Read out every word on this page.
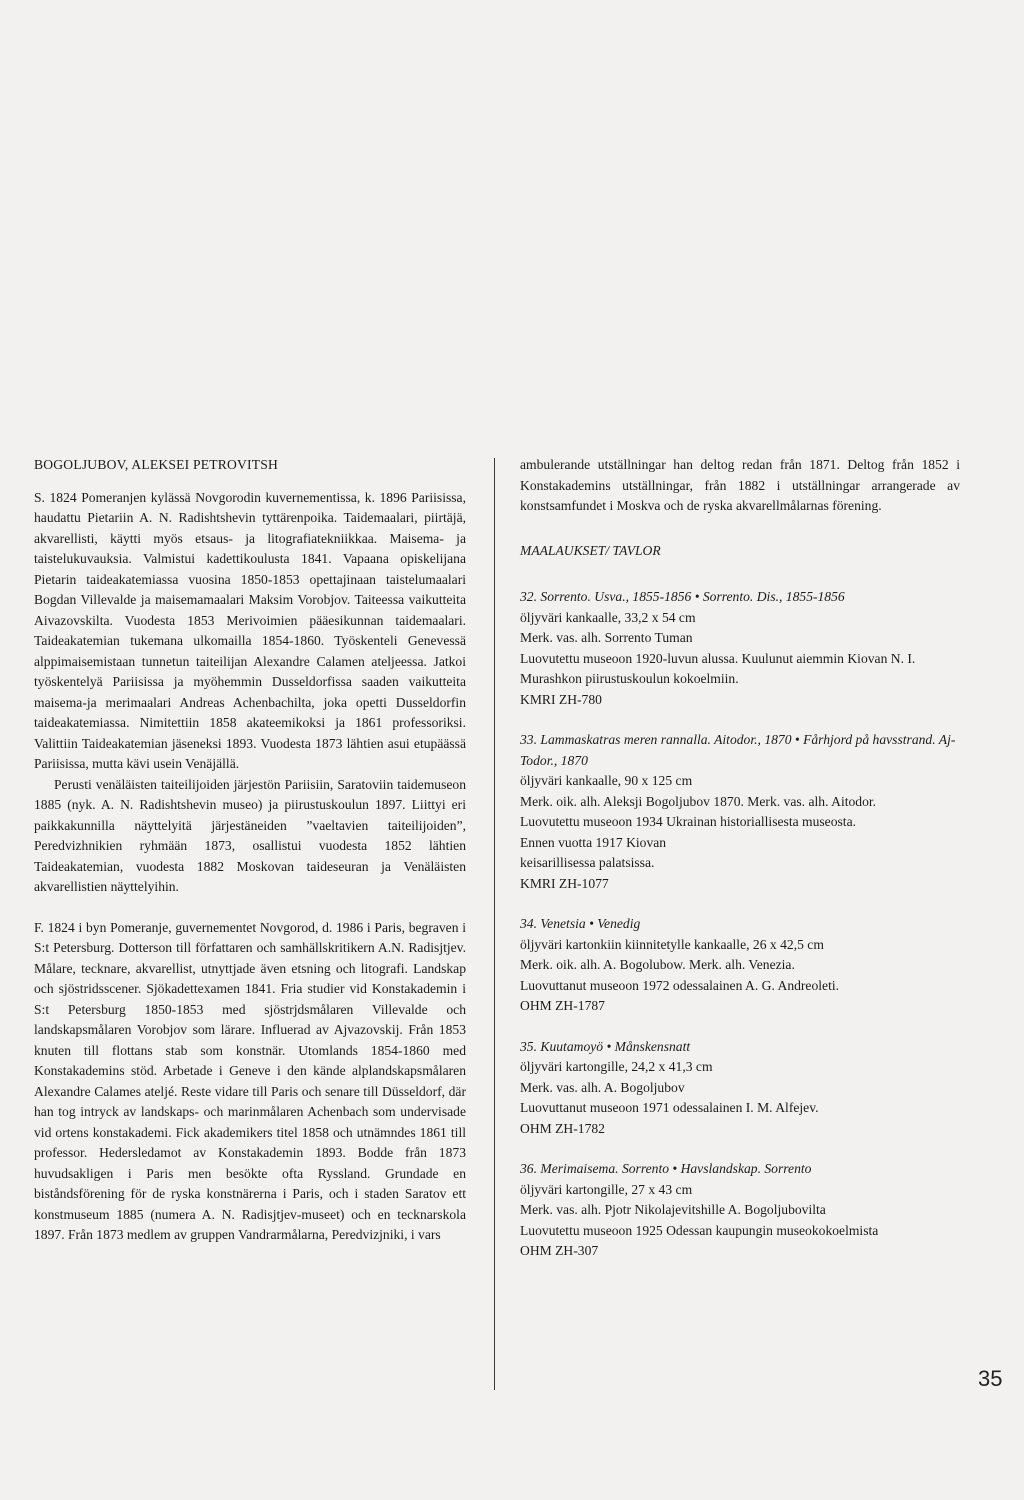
BOGOLJUBOV, ALEKSEI PETROVITSH

S. 1824 Pomeranjen kylässä Novgorodin kuvernementissa, k. 1896 Pariisissa, haudattu Pietariin A. N. Radishtshevin tyttärenpoika. Taidemaalari, piirtäjä, akvarellisti, käytti myös etsaus- ja litografiatekniikkaa. Maisema- ja taistelukuvauksia. Valmistui kadettikoulusta 1841. Vapaana opiskelijana Pietarin taideakatemiassa vuosina 1850-1853 opettajinaan taistelumaalari Bogdan Villevalde ja maisemamaalari Maksim Vorobjov. Taiteessa vaikutteita Aivazovskilta. Vuodesta 1853 Merivoimien pääesikunnan taidemaalari. Taideakatemian tukemana ulkomailla 1854-1860. Työskenteli Genevessä alppimaisemistaan tunnetun taiteilijan Alexandre Calamen ateljeessa. Jatkoi työskentelyä Pariisissa ja myöhemmin Dusseldorfissa saaden vaikutteita maisema-ja merimaalari Andreas Achenbachilta, joka opetti Dusseldorfin taideakatemiassa. Nimitettiin 1858 akateemikoksi ja 1861 professoriksi. Valittiin Taideakatemian jäseneksi 1893. Vuodesta 1873 lähtien asui etupäässä Pariisissa, mutta kävi usein Venäjällä.

Perusti venäläisten taiteilijoiden järjestön Pariisiin, Saratoviin taidemuseon 1885 (nyk. A. N. Radishtshevin museo) ja piirustuskoulun 1897. Liittyi eri paikkakunnilla näyttelyitä järjestäneiden ”vaeltavien taiteilijoiden”, Peredvizhnikien ryhmään 1873, osallistui vuodesta 1852 lähtien Taideakatemian, vuodesta 1882 Moskovan taideseuran ja Venäläisten akvarellistien näyttelyihin.

F. 1824 i byn Pomeranje, guvernementet Novgorod, d. 1986 i Paris, begraven i S:t Petersburg. Dotterson till författaren och samhällskritikern A.N. Radisjtjev. Målare, tecknare, akvarellist, utnyttjade även etsning och litografi. Landskap och sjöstridsscener. Sjökadettexamen 1841. Fria studier vid Konstakademin i S:t Petersburg 1850-1853 med sjöstrjdsmålaren Villevalde och landskapsmålaren Vorobjov som lärare. Influerad av Ajvazovskij. Från 1853 knuten till flottans stab som konstnär. Utomlands 1854-1860 med Konstakademins stöd. Arbetade i Geneve i den kände alplandskapsmålaren Alexandre Calames ateljé. Reste vidare till Paris och senare till Düsseldorf, där han tog intryck av landskaps- och marinmålaren Achenbach som undervisade vid ortens konstakademi. Fick akademikers titel 1858 och utnämndes 1861 till professor. Hedersledamot av Konstakademin 1893. Bodde från 1873 huvudsakligen i Paris men besökte ofta Ryssland. Grundade en biståndsförening för de ryska konstnärerna i Paris, och i staden Saratov ett konstmuseum 1885 (numera A. N. Radisjtjev-museet) och en tecknarskola 1897. Från 1873 medlem av gruppen Vandrarmålarna, Peredvizjniki, i vars

ambulerande utställningar han deltog redan från 1871. Deltog från 1852 i Konstakademins utställningar, från 1882 i utställningar arrangerade av konstsamfundet i Moskva och de ryska akvarellmålarnas förening.

MAALAUKSET/ TAVLOR

32. Sorrento. Usva., 1855-1856 • Sorrento. Dis., 1855-1856
öljyväri kankaalle, 33,2 x 54 cm
Merk. vas. alh. Sorrento Tuman
Luovutettu museoon 1920-luvun alussa. Kuulunut aiemmin Kiovan N. I. Murashkon piirustuskoulun kokoelmiin.
KMRI ZH-780
33. Lammaskatras meren rannalla. Aitodor., 1870 • Fårhjord på havsstrand. Aj-Todor., 1870
öljyväri kankaalle, 90 x 125 cm
Merk. oik. alh. Aleksji Bogoljubov 1870. Merk. vas. alh. Aitodor.
Luovutettu museoon 1934 Ukrainan historiallisesta museosta.
Ennen vuotta 1917 Kiovan
keisarillisessa palatsissa.
KMRI ZH-1077
34. Venetsia • Venedig
öljyväri kartonkiin kiinnitetylle kankaalle, 26 x 42,5 cm
Merk. oik. alh. A. Bogolubow. Merk. alh. Venezia.
Luovuttanut museoon 1972 odessalainen A. G. Andreoleti.
OHM ZH-1787
35. Kuutamoyö • Månskensnatt
öljyväri kartongille, 24,2 x 41,3 cm
Merk. vas. alh. A. Bogoljubov
Luovuttanut museoon 1971 odessalainen I. M. Alfejev.
OHM ZH-1782
36. Merimaisema. Sorrento • Havslandskap. Sorrento
öljyväri kartongille, 27 x 43 cm
Merk. vas. alh. Pjotr Nikolajevitshille A. Bogoljubovilta
Luovutettu museoon 1925 Odessan kaupungin museokokoelmista
OHM ZH-307
35
